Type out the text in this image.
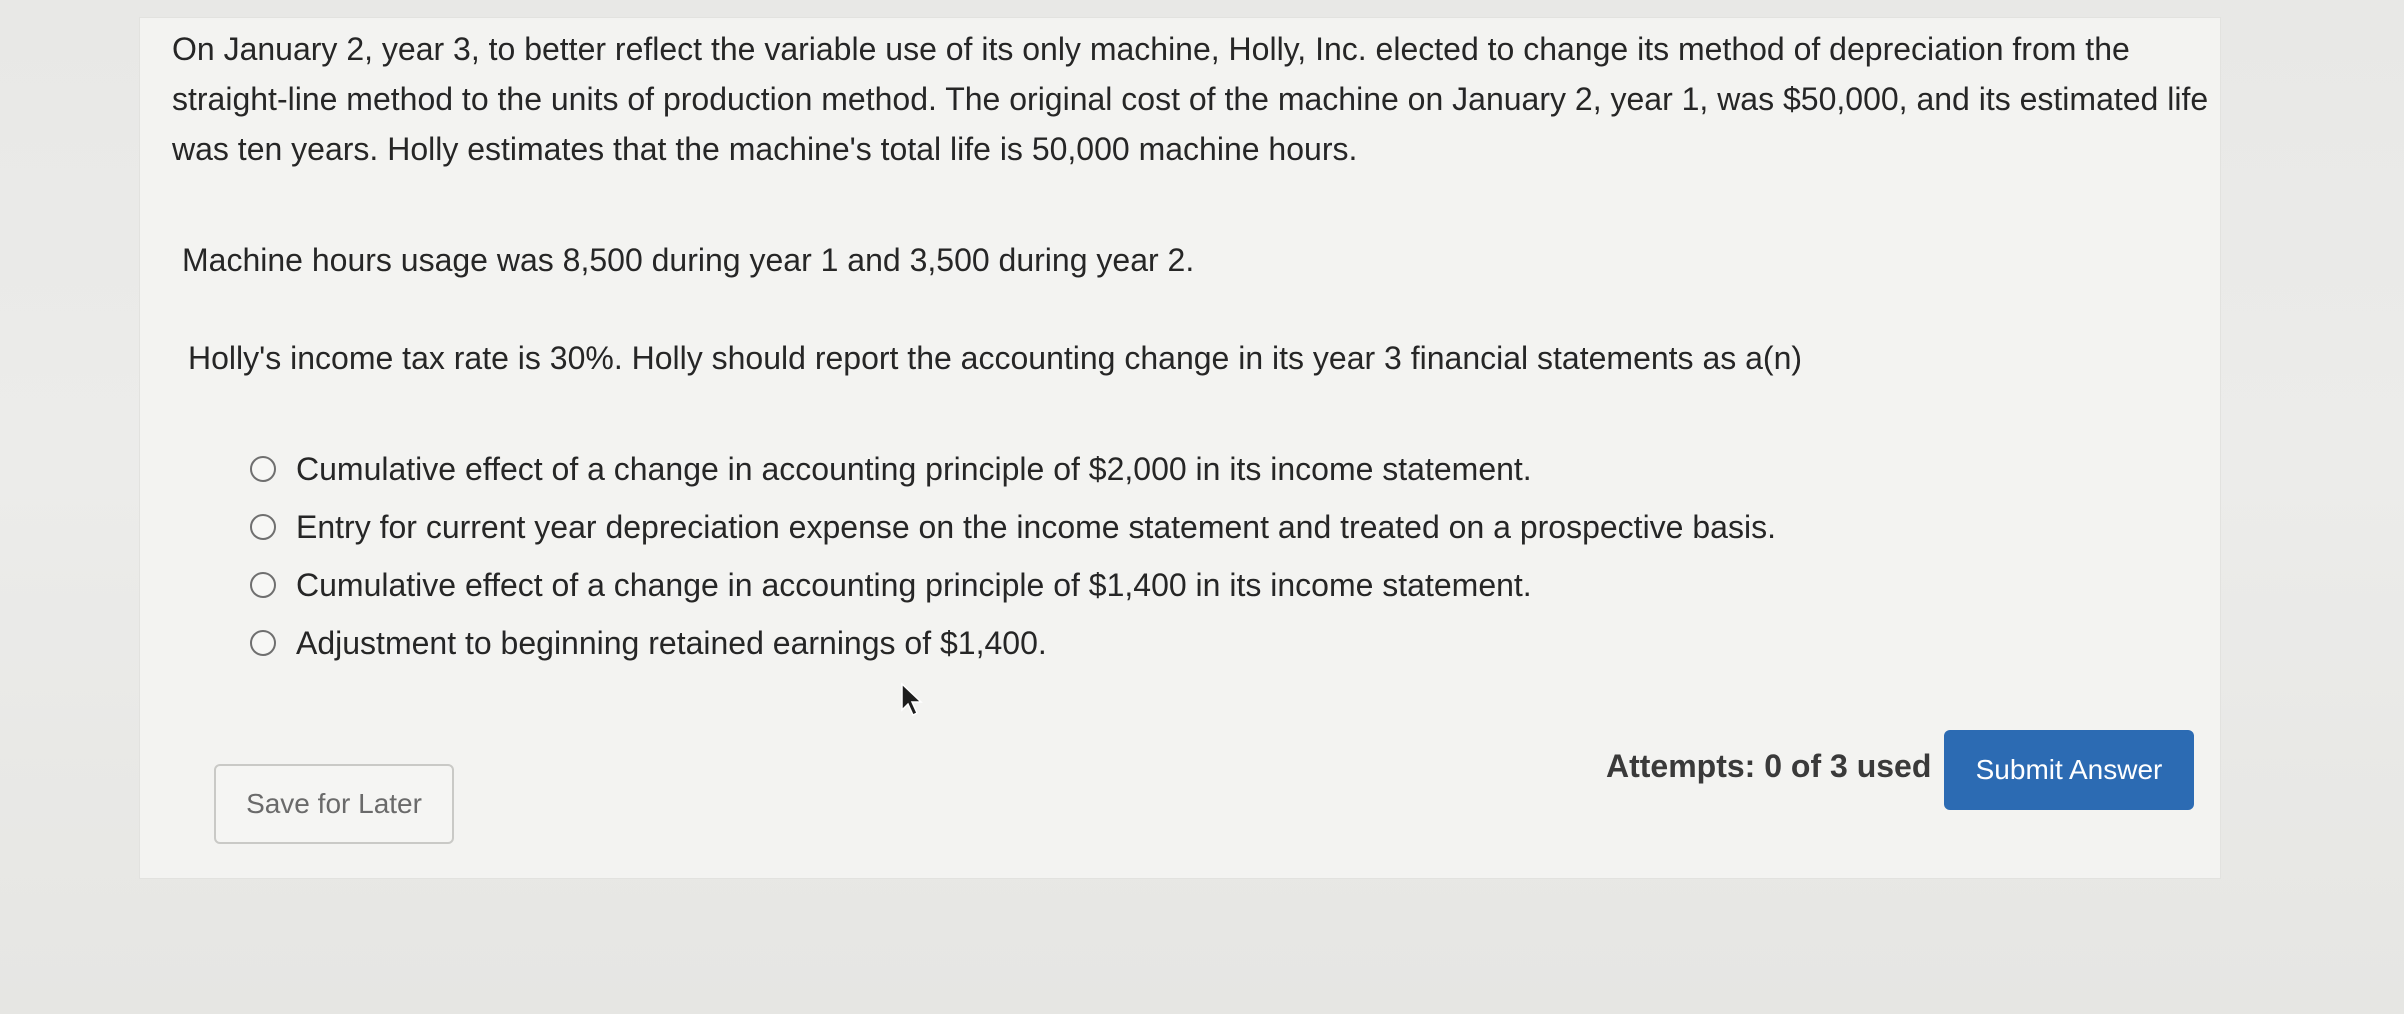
On January 2, year 3, to better reflect the variable use of its only machine, Holly, Inc. elected to change its method of depreciation from the straight-line method to the units of production method. The original cost of the machine on January 2, year 1, was $50,000, and its estimated life was ten years. Holly estimates that the machine's total life is 50,000 machine hours.

Machine hours usage was 8,500 during year 1 and 3,500 during year 2.

Holly's income tax rate is 30%. Holly should report the accounting change in its year 3 financial statements as a(n)

Cumulative effect of a change in accounting principle of $2,000 in its income statement.
Entry for current year depreciation expense on the income statement and treated on a prospective basis.
Cumulative effect of a change in accounting principle of $1,400 in its income statement.
Adjustment to beginning retained earnings of $1,400.
Save for Later
Attempts: 0 of 3 used	Submit Answer
